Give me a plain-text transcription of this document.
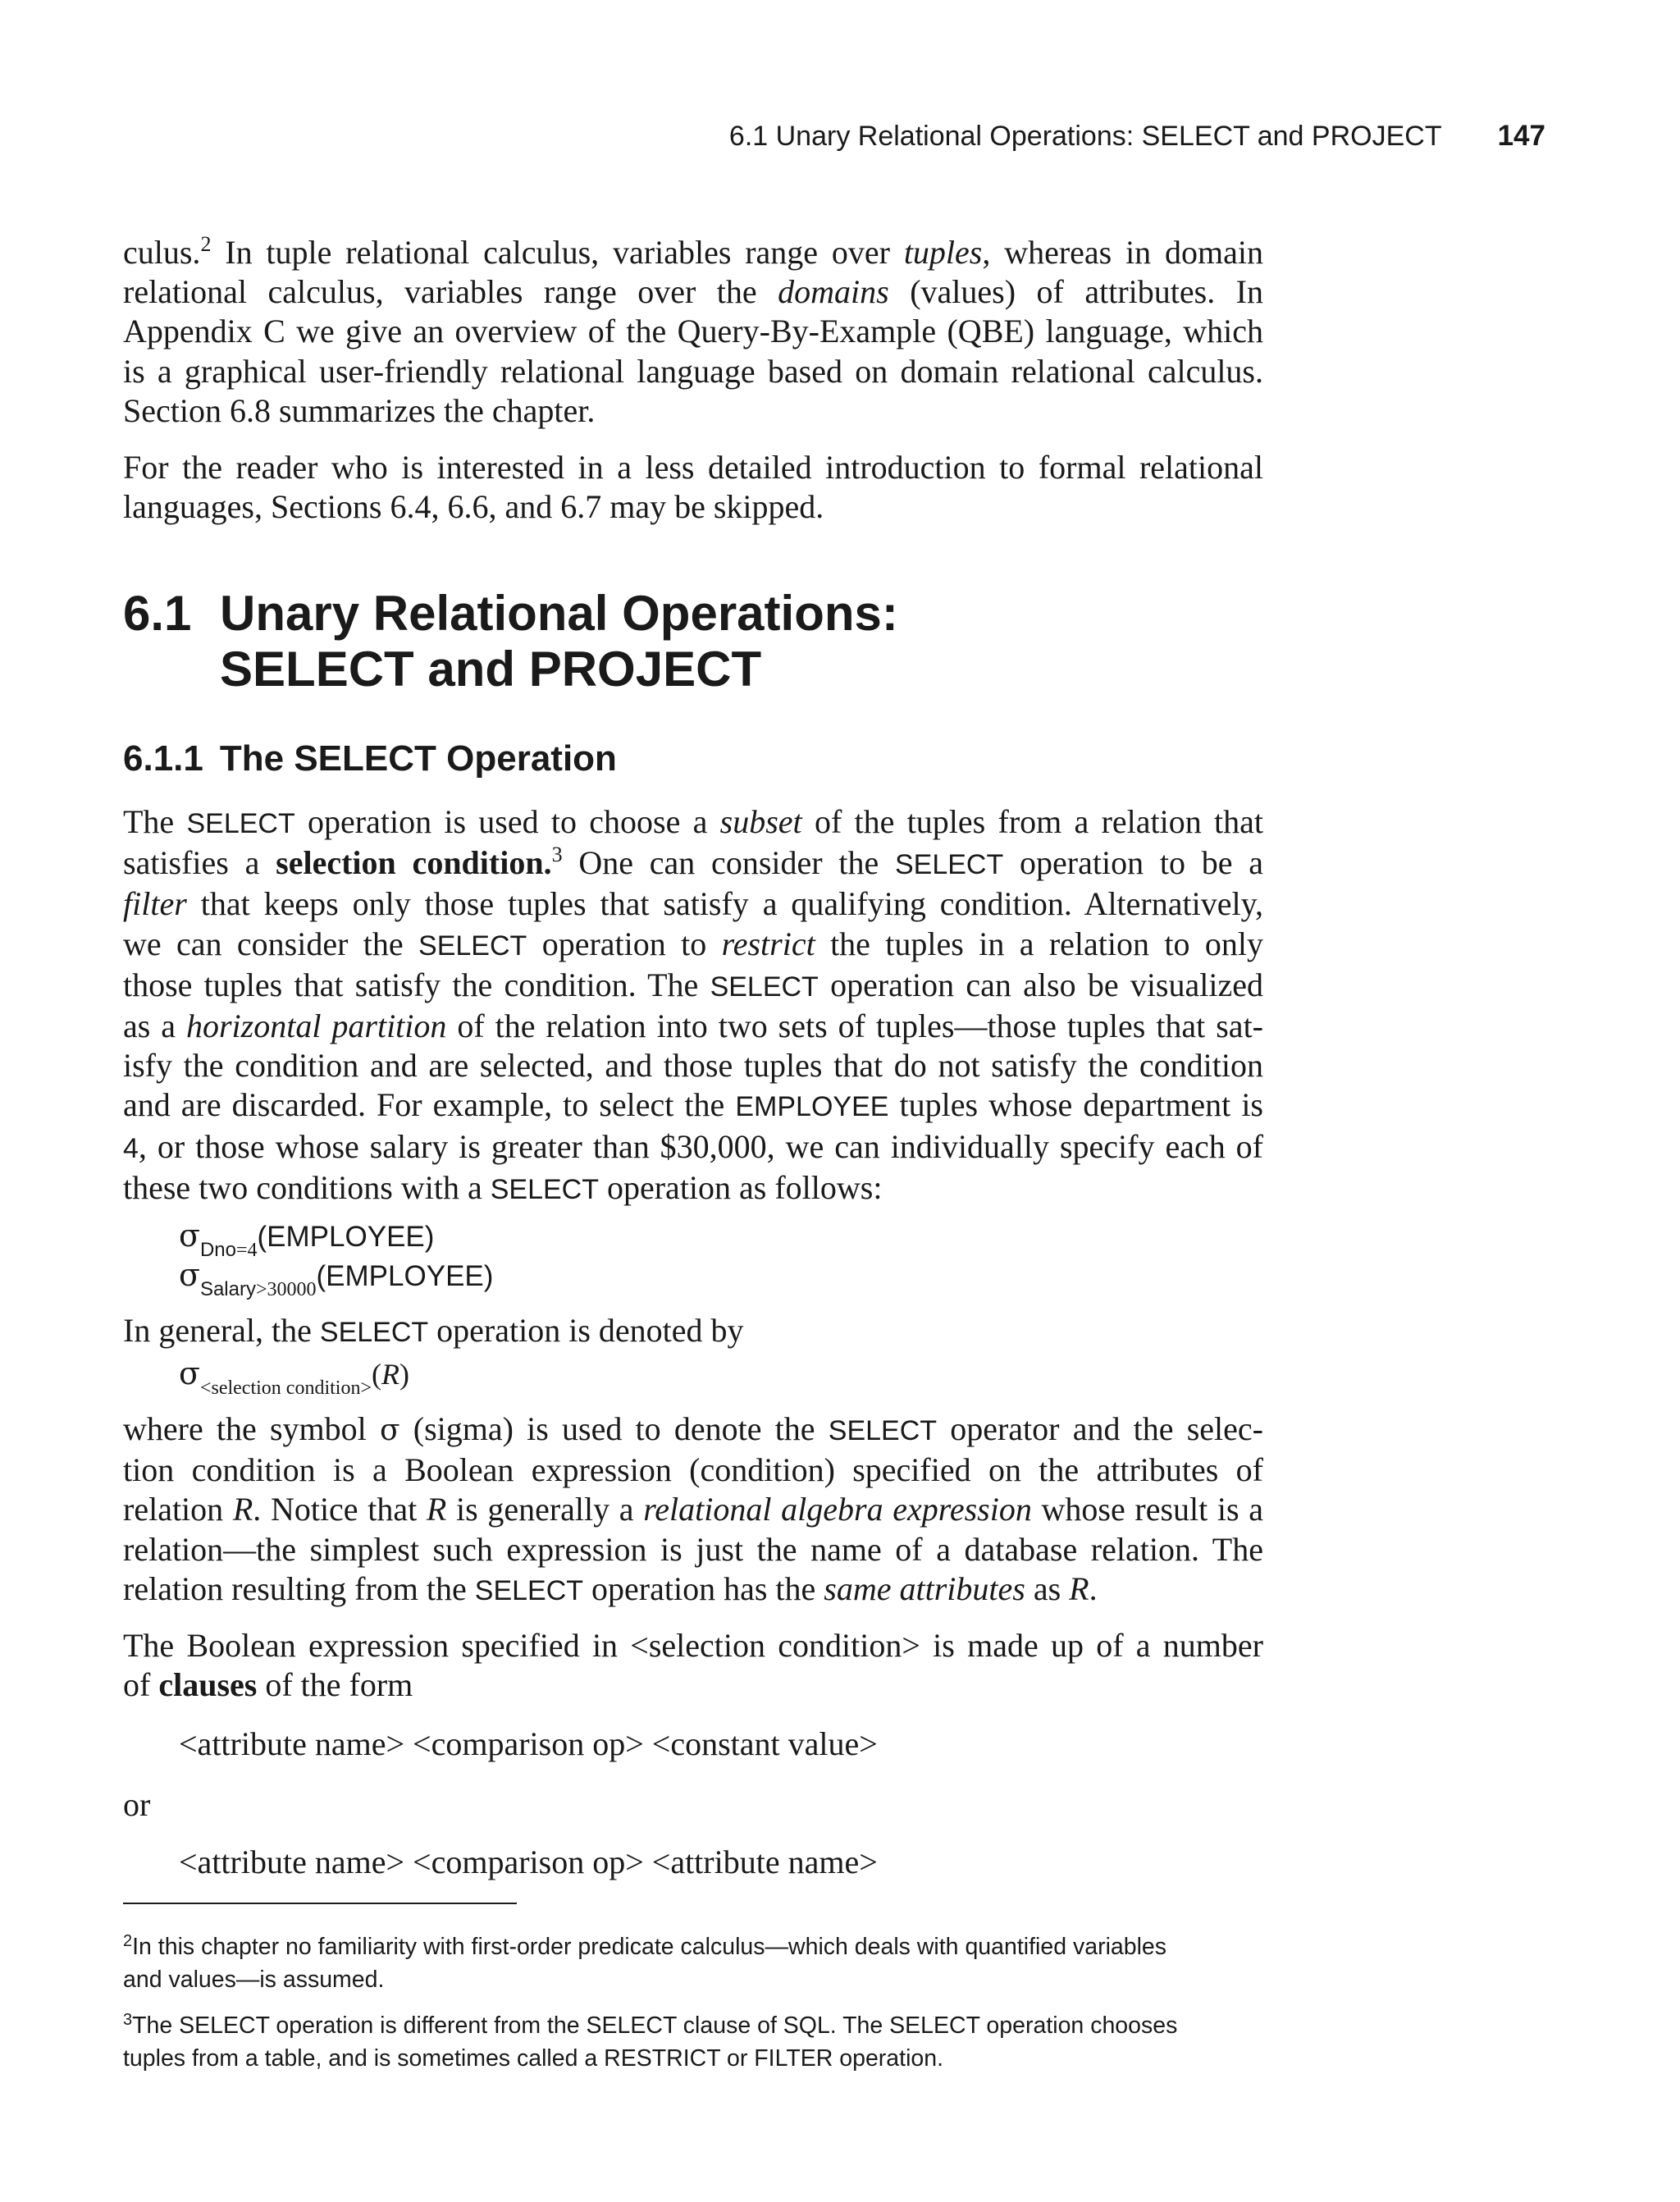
6.1 Unary Relational Operations: SELECT and PROJECT 147

culus.$^2$ In tuple relational calculus, variables range over tuples, whereas in domain
relational calculus, variables range over the domains (values) of attributes. In
Appendix C we give an overview of the Query-By-Example (QBE) language, which
is a graphical user-friendly relational language based on domain relational calculus.
Section 6.8 summarizes the chapter.

For the reader who is interested in a less detailed introduction to formal relational
languages, Sections 6.4, 6.6, and 6.7 may be skipped.

6.1 Unary Relational Operations:
SELECT and PROJECT
6.1.1 The SELECT Operation

The SELECT operation is used to choose a subset of the tuples from a relation that
satisfies a selection condition.$^3$ One can consider the SELECT operation to be a
filter that keeps only those tuples that satisfy a qualifying condition. Alternatively,
we can consider the SELECT operation to restrict the tuples in a relation to only
those tuples that satisfy the condition. The SELECT operation can also be visualized
as a horizontal partition of the relation into two sets of tuples—those tuples that sat-
isfy the condition and are selected, and those tuples that do not satisfy the condition
and are discarded. For example, to select the EMPLOYEE tuples whose department is
4, or those whose salary is greater than $30,000, we can individually specify each of
these two conditions with a SELECT operation as follows:

$\sigma_{Dno=4}(EMPLOYEE)$
$\sigma_{Salary>30000}(EMPLOYEE)$

In general, the SELECT operation is denoted by

$\sigma_{<selection condition>}(R)$

where the symbol σ (sigma) is used to denote the SELECT operator and the selec-
tion condition is a Boolean expression (condition) specified on the attributes of
relation R. Notice that R is generally a relational algebra expression whose result is a
relation—the simplest such expression is just the name of a database relation. The
relation resulting from the SELECT operation has the same attributes as R.

The Boolean expression specified in <selection condition> is made up of a number
of clauses of the form

<attribute name> <comparison op> <constant value>
or
<attribute name> <comparison op> <attribute name>
$^2$In this chapter no familiarity with first-order predicate calculus—which deals with quantified variables
and values—is assumed.
$^3$The SELECT operation is different from the SELECT clause of SQL. The SELECT operation chooses
tuples from a table, and is sometimes called a RESTRICT or FILTER operation.
